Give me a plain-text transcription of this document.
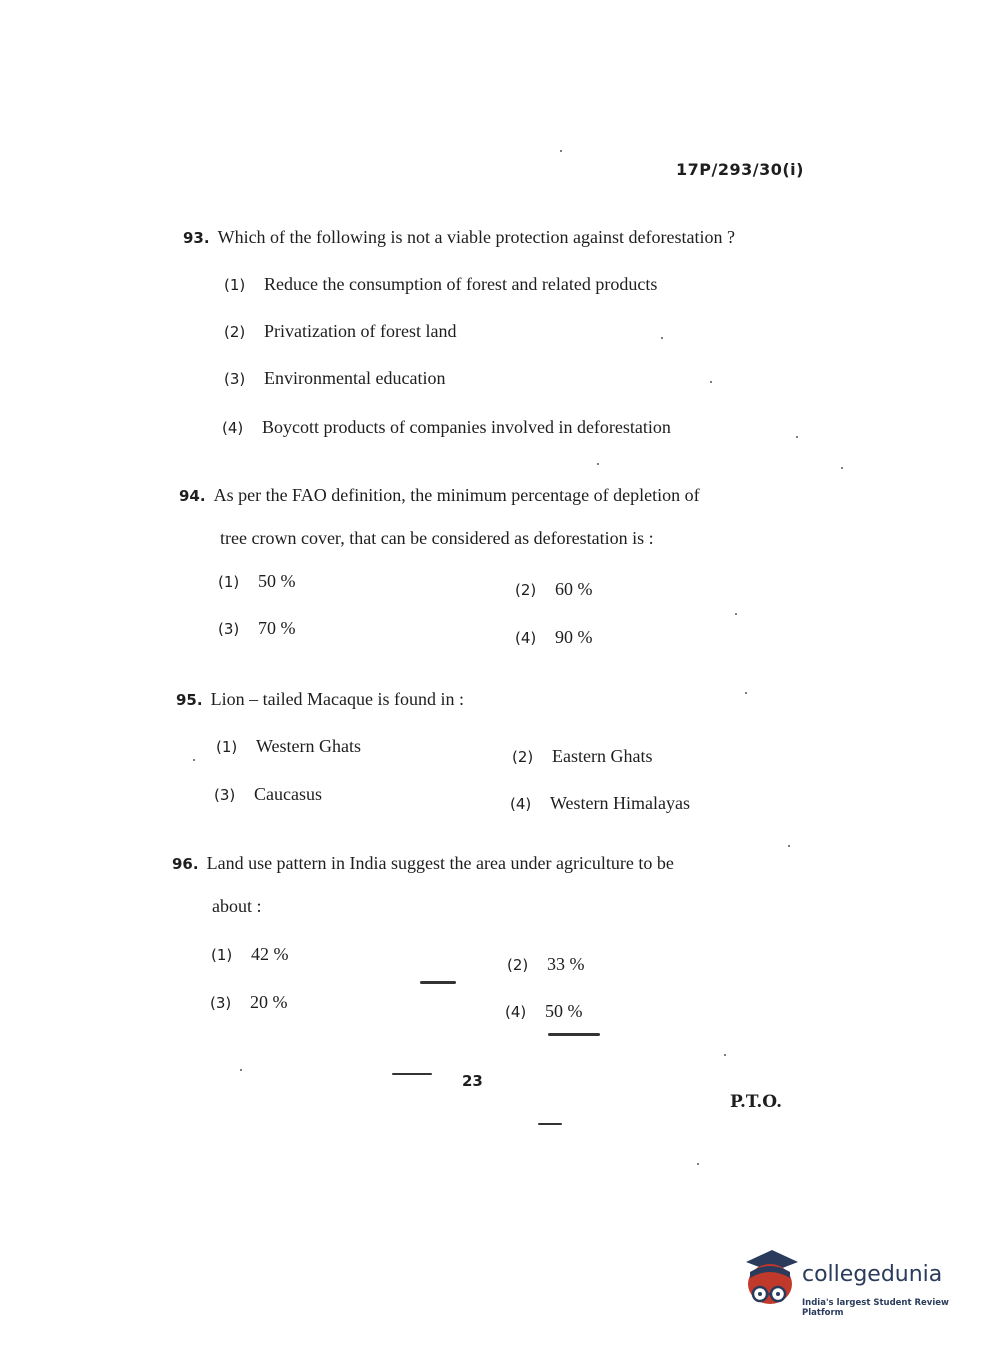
17P/293/30(i)
93. Which of the following is not a viable protection against deforestation ?
(1) Reduce the consumption of forest and related products
(2) Privatization of forest land
(3) Environmental education
(4) Boycott products of companies involved in deforestation
94. As per the FAO definition, the minimum percentage of depletion of
tree crown cover, that can be considered as deforestation is :
(1) 50 %	(2) 60 %
(3) 70 %	(4) 90 %
95. Lion – tailed Macaque is found in :
(1) Western Ghats
(2) Eastern Ghats
(3) Caucasus	(4) Western Himalayas
96. Land use pattern in India suggest the area under agriculture to be
about :
(1) 42 %
(2) 33 %
(3) 20 %	(4) 50 %
23
P.T.O.
collegedunia
India's largest Student Review Platform
